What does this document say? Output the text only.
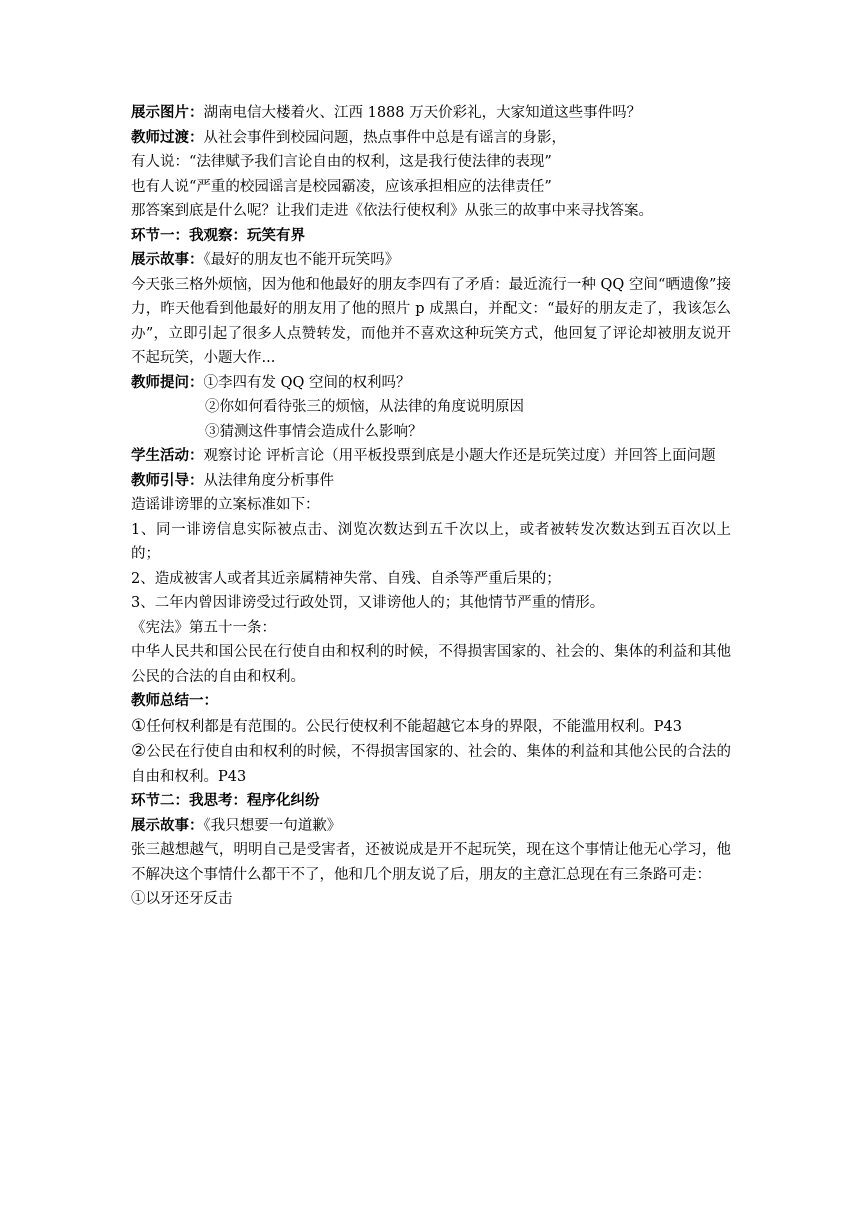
展示图片：湖南电信大楼着火、江西 1888 万天价彩礼，大家知道这些事件吗？
教师过渡：从社会事件到校园问题，热点事件中总是有谣言的身影，
有人说：“法律赋予我们言论自由的权利，这是我行使法律的表现”
也有人说“严重的校园谣言是校园霸凌，应该承担相应的法律责任”
那答案到底是什么呢？让我们走进《依法行使权利》从张三的故事中来寻找答案。
环节一：我观察：玩笑有界
展示故事：《最好的朋友也不能开玩笑吗》
今天张三格外烦恼，因为他和他最好的朋友李四有了矛盾：最近流行一种 QQ 空间“晒遗像”接力，昨天他看到他最好的朋友用了他的照片 p 成黑白，并配文：“最好的朋友走了，我该怎么办”，立即引起了很多人点赞转发，而他并不喜欢这种玩笑方式，他回复了评论却被朋友说开不起玩笑，小题大作...
教师提问：①李四有发 QQ 空间的权利吗？
②你如何看待张三的烦恼，从法律的角度说明原因
③猜测这件事情会造成什么影响？
学生活动：观察讨论 评析言论（用平板投票到底是小题大作还是玩笑过度）并回答上面问题
教师引导：从法律角度分析事件
造谣诽谤罪的立案标准如下：
1、同一诽谤信息实际被点击、浏览次数达到五千次以上，或者被转发次数达到五百次以上的；
2、造成被害人或者其近亲属精神失常、自残、自杀等严重后果的；
3、二年内曾因诽谤受过行政处罚，又诽谤他人的；其他情节严重的情形。
《宪法》第五十一条：
中华人民共和国公民在行使自由和权利的时候，不得损害国家的、社会的、集体的利益和其他公民的合法的自由和权利。
教师总结一：
①任何权利都是有范围的。公民行使权利不能超越它本身的界限，不能滥用权利。P43
②公民在行使自由和权利的时候，不得损害国家的、社会的、集体的利益和其他公民的合法的自由和权利。P43
环节二：我思考：程序化纠纷
展示故事：《我只想要一句道歉》
张三越想越气，明明自己是受害者，还被说成是开不起玩笑，现在这个事情让他无心学习，他不解决这个事情什么都干不了，他和几个朋友说了后，朋友的主意汇总现在有三条路可走：
①以牙还牙反击
